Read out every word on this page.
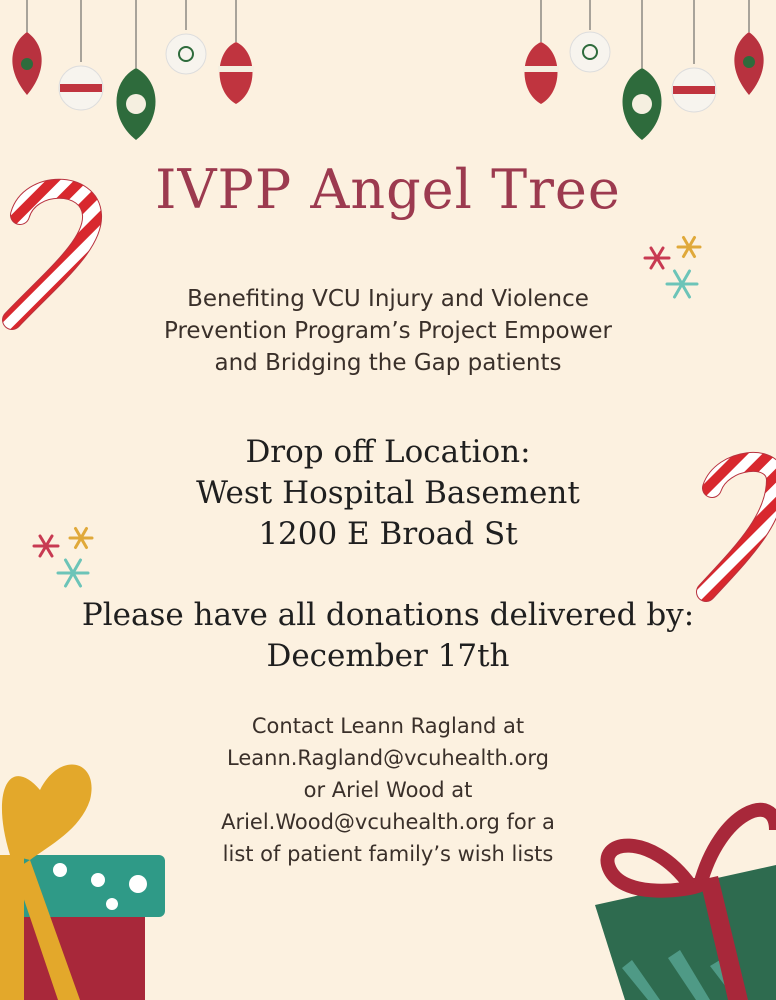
IVPP Angel Tree
Benefiting VCU Injury and Violence
Prevention Program’s Project Empower
and Bridging the Gap patients
Drop off Location:
West Hospital Basement
1200 E Broad St
Please have all donations delivered by:
December 17th
Contact Leann Ragland at
Leann.Ragland@vcuhealth.org
or Ariel Wood at
Ariel.Wood@vcuhealth.org for a
list of patient family’s wish lists
